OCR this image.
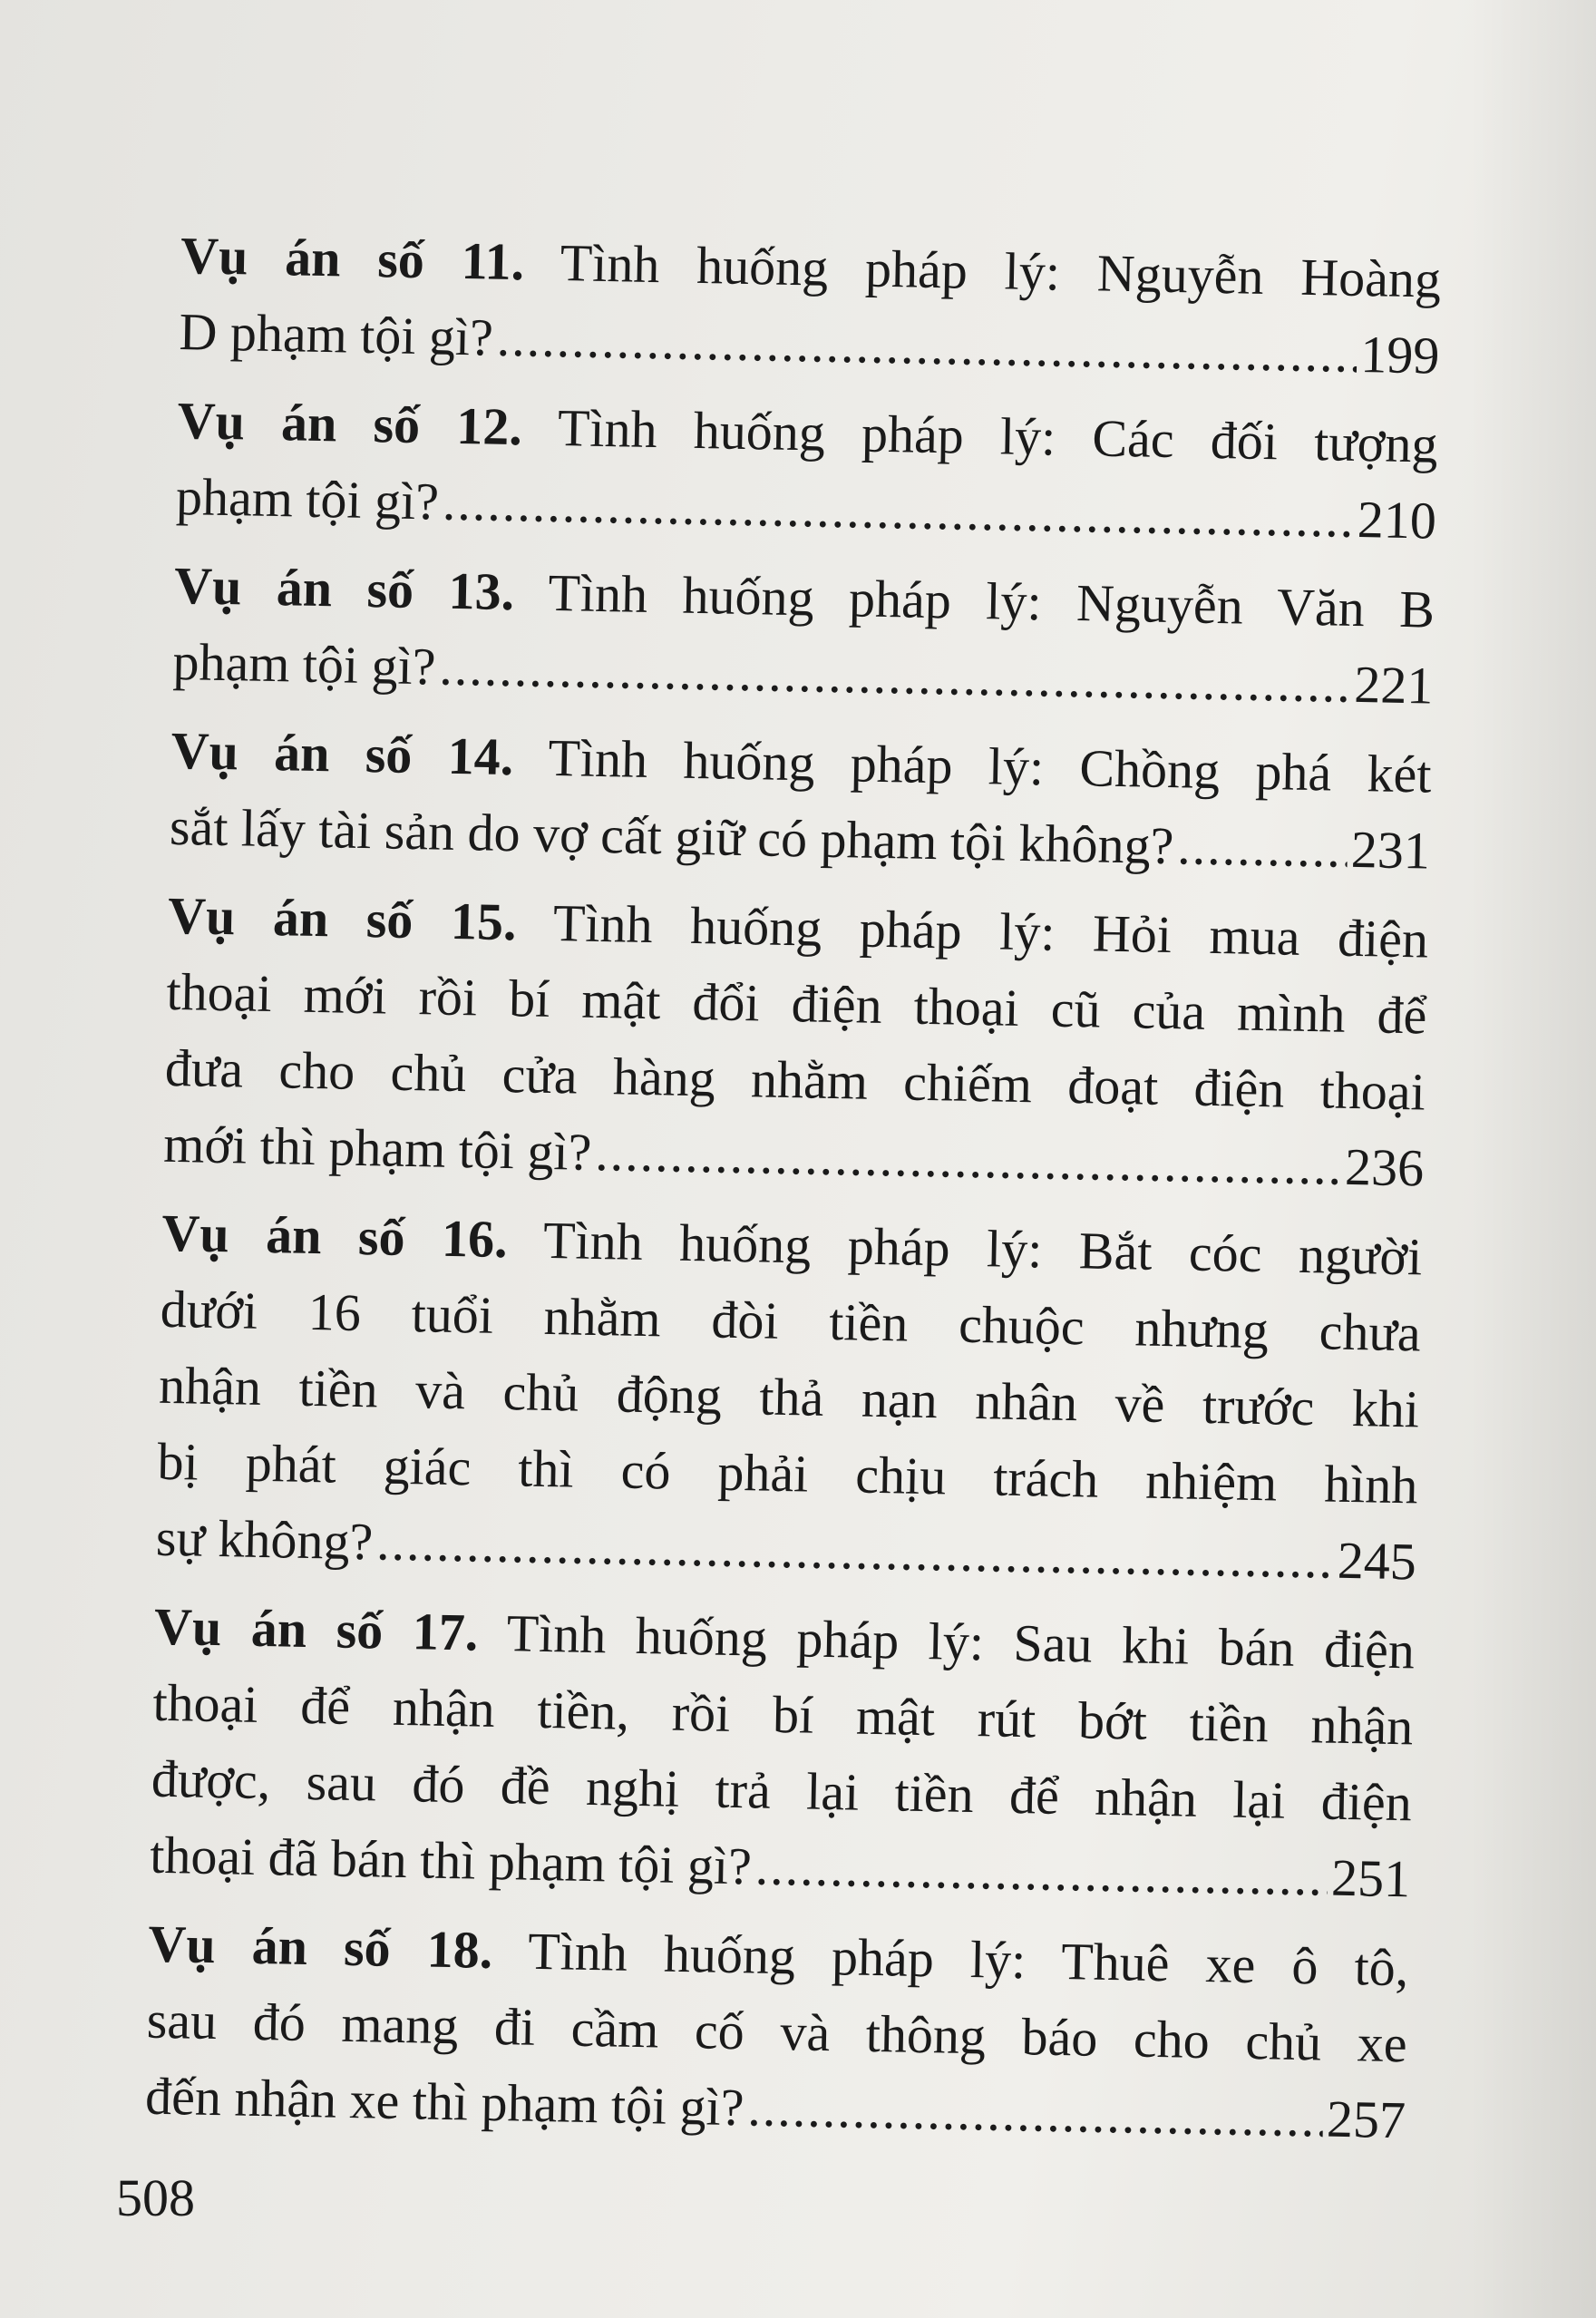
Vụ án số 11. Tình huống pháp lý: Nguyễn Hoàng
D phạm tội gì? .....	199
Vụ án số 12. Tình huống pháp lý: Các đối tượng
phạm tội gì? .....	210
Vụ án số 13. Tình huống pháp lý: Nguyễn Văn B
phạm tội gì? .....	221
Vụ án số 14. Tình huống pháp lý: Chồng phá két
sắt lấy tài sản do vợ cất giữ có phạm tội không? .....	231
Vụ án số 15. Tình huống pháp lý: Hỏi mua điện
thoại mới rồi bí mật đổi điện thoại cũ của mình để
đưa cho chủ cửa hàng nhằm chiếm đoạt điện thoại
mới thì phạm tội gì? .....	236
Vụ án số 16. Tình huống pháp lý: Bắt cóc người
dưới 16 tuổi nhằm đòi tiền chuộc nhưng chưa
nhận tiền và chủ động thả nạn nhân về trước khi
bị phát giác thì có phải chịu trách nhiệm hình
sự không? .....	245
Vụ án số 17. Tình huống pháp lý: Sau khi bán điện
thoại để nhận tiền, rồi bí mật rút bớt tiền nhận
được, sau đó đề nghị trả lại tiền để nhận lại điện
thoại đã bán thì phạm tội gì? .....	251
Vụ án số 18. Tình huống pháp lý: Thuê xe ô tô,
sau đó mang đi cầm cố và thông báo cho chủ xe
đến nhận xe thì phạm tội gì? .....	257
508
